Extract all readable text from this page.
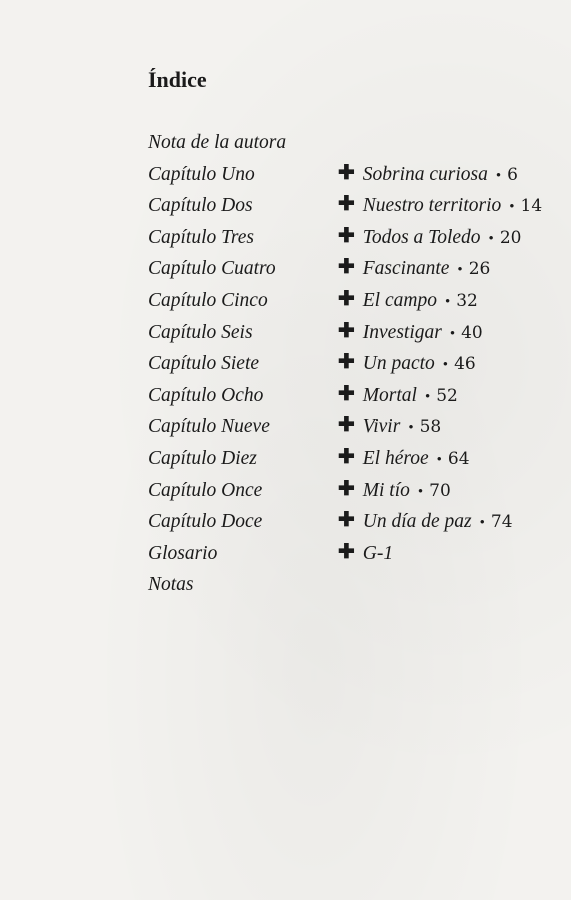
Índice
Nota de la autora
Capítulo Uno	✚ Sobrina curiosa • 6
Capítulo Dos	✚ Nuestro territorio • 14
Capítulo Tres	✚ Todos a Toledo • 20
Capítulo Cuatro	✚ Fascinante • 26
Capítulo Cinco	✚ El campo • 32
Capítulo Seis	✚ Investigar • 40
Capítulo Siete	✚ Un pacto • 46
Capítulo Ocho	✚ Mortal • 52
Capítulo Nueve	✚ Vivir • 58
Capítulo Diez	✚ El héroe • 64
Capítulo Once	✚ Mi tío • 70
Capítulo Doce	✚ Un día de paz • 74
Glosario	✚ G-1
Notas
